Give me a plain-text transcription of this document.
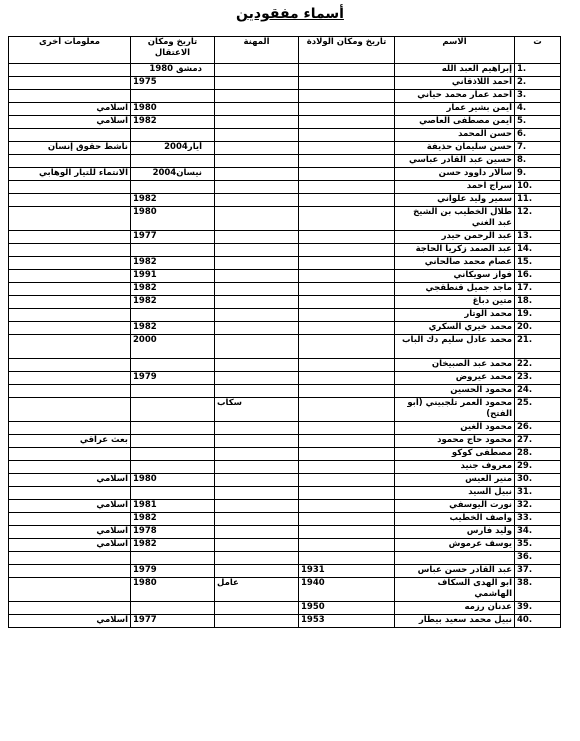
أسماء مفقودين
ت	الاسم	تاريخ ومكان الولادة	المهنة	تاريخ ومكان الاعتقال	معلومات أخرى
1.	إبراهيم العبد الله			دمشق 1980	
2.	أحمد اللاذقاني			1975	
3.	أحمد عمار محمد حياني				
4.	أيمن بشير عمار			1980	اسلامي
5.	أيمن مصطفى العاصي			1982	اسلامي
6.	حسن المحمد				
7.	حسن سليمان حذيفة			أيار2004	ناشط حقوق إنسان
8.	حسين عبد القادر عباسي				
9.	سالار داوود حسن			نيسان2004	الانتماء للتيار الوهابي
10.	سراج احمد				
11.	سمير وليد علواني			1982	
12.	طلال الخطيب بن الشيخ عبد الغني			1980	
13.	عبد الرحمن حيدر			1977	
14.	عبد الصمد زكريا الحاجة				
15.	عصام محمد صالحاني			1982	
16.	فواز سويكاني			1991	
17.	ماجد جميل قنطقجي			1982	
18.	متين دباغ			1982	
19.	محمد الوتار				
20.	محمد خيري السكري			1982	
21.	محمد عادل سليم دك الباب			2000	
22.	محمد عبد الصبيخان				
23.	محمد عيروض			1979	
24.	محمود الحسين				
25.	محمود العمر تلجبيني (أبو الفتح)		سكاب		
26.	محمود الغين				
27.	محمود حاج محمود				بعث عراقي
28.	مصطفى كوكو				
29.	معروف جنيد				
30.	منير العيس			1980	اسلامي
31.	نبيل السيد				
32.	نورت اليوسفي			1981	اسلامي
33.	واصف الخطيب			1982	
34.	وليد فارس			1978	اسلامي
35.	يوسف عرموش			1982	اسلامي
36.					
37.	عبد القادر حسن عباس	1931		1979	
38.	ابو الهدى السكاف الهاشمي	1940	عامل	1980	
39.	عدنان رزمه	1950			
40.	نبيل محمد سعيد بيطار	1953		1977	اسلامي
